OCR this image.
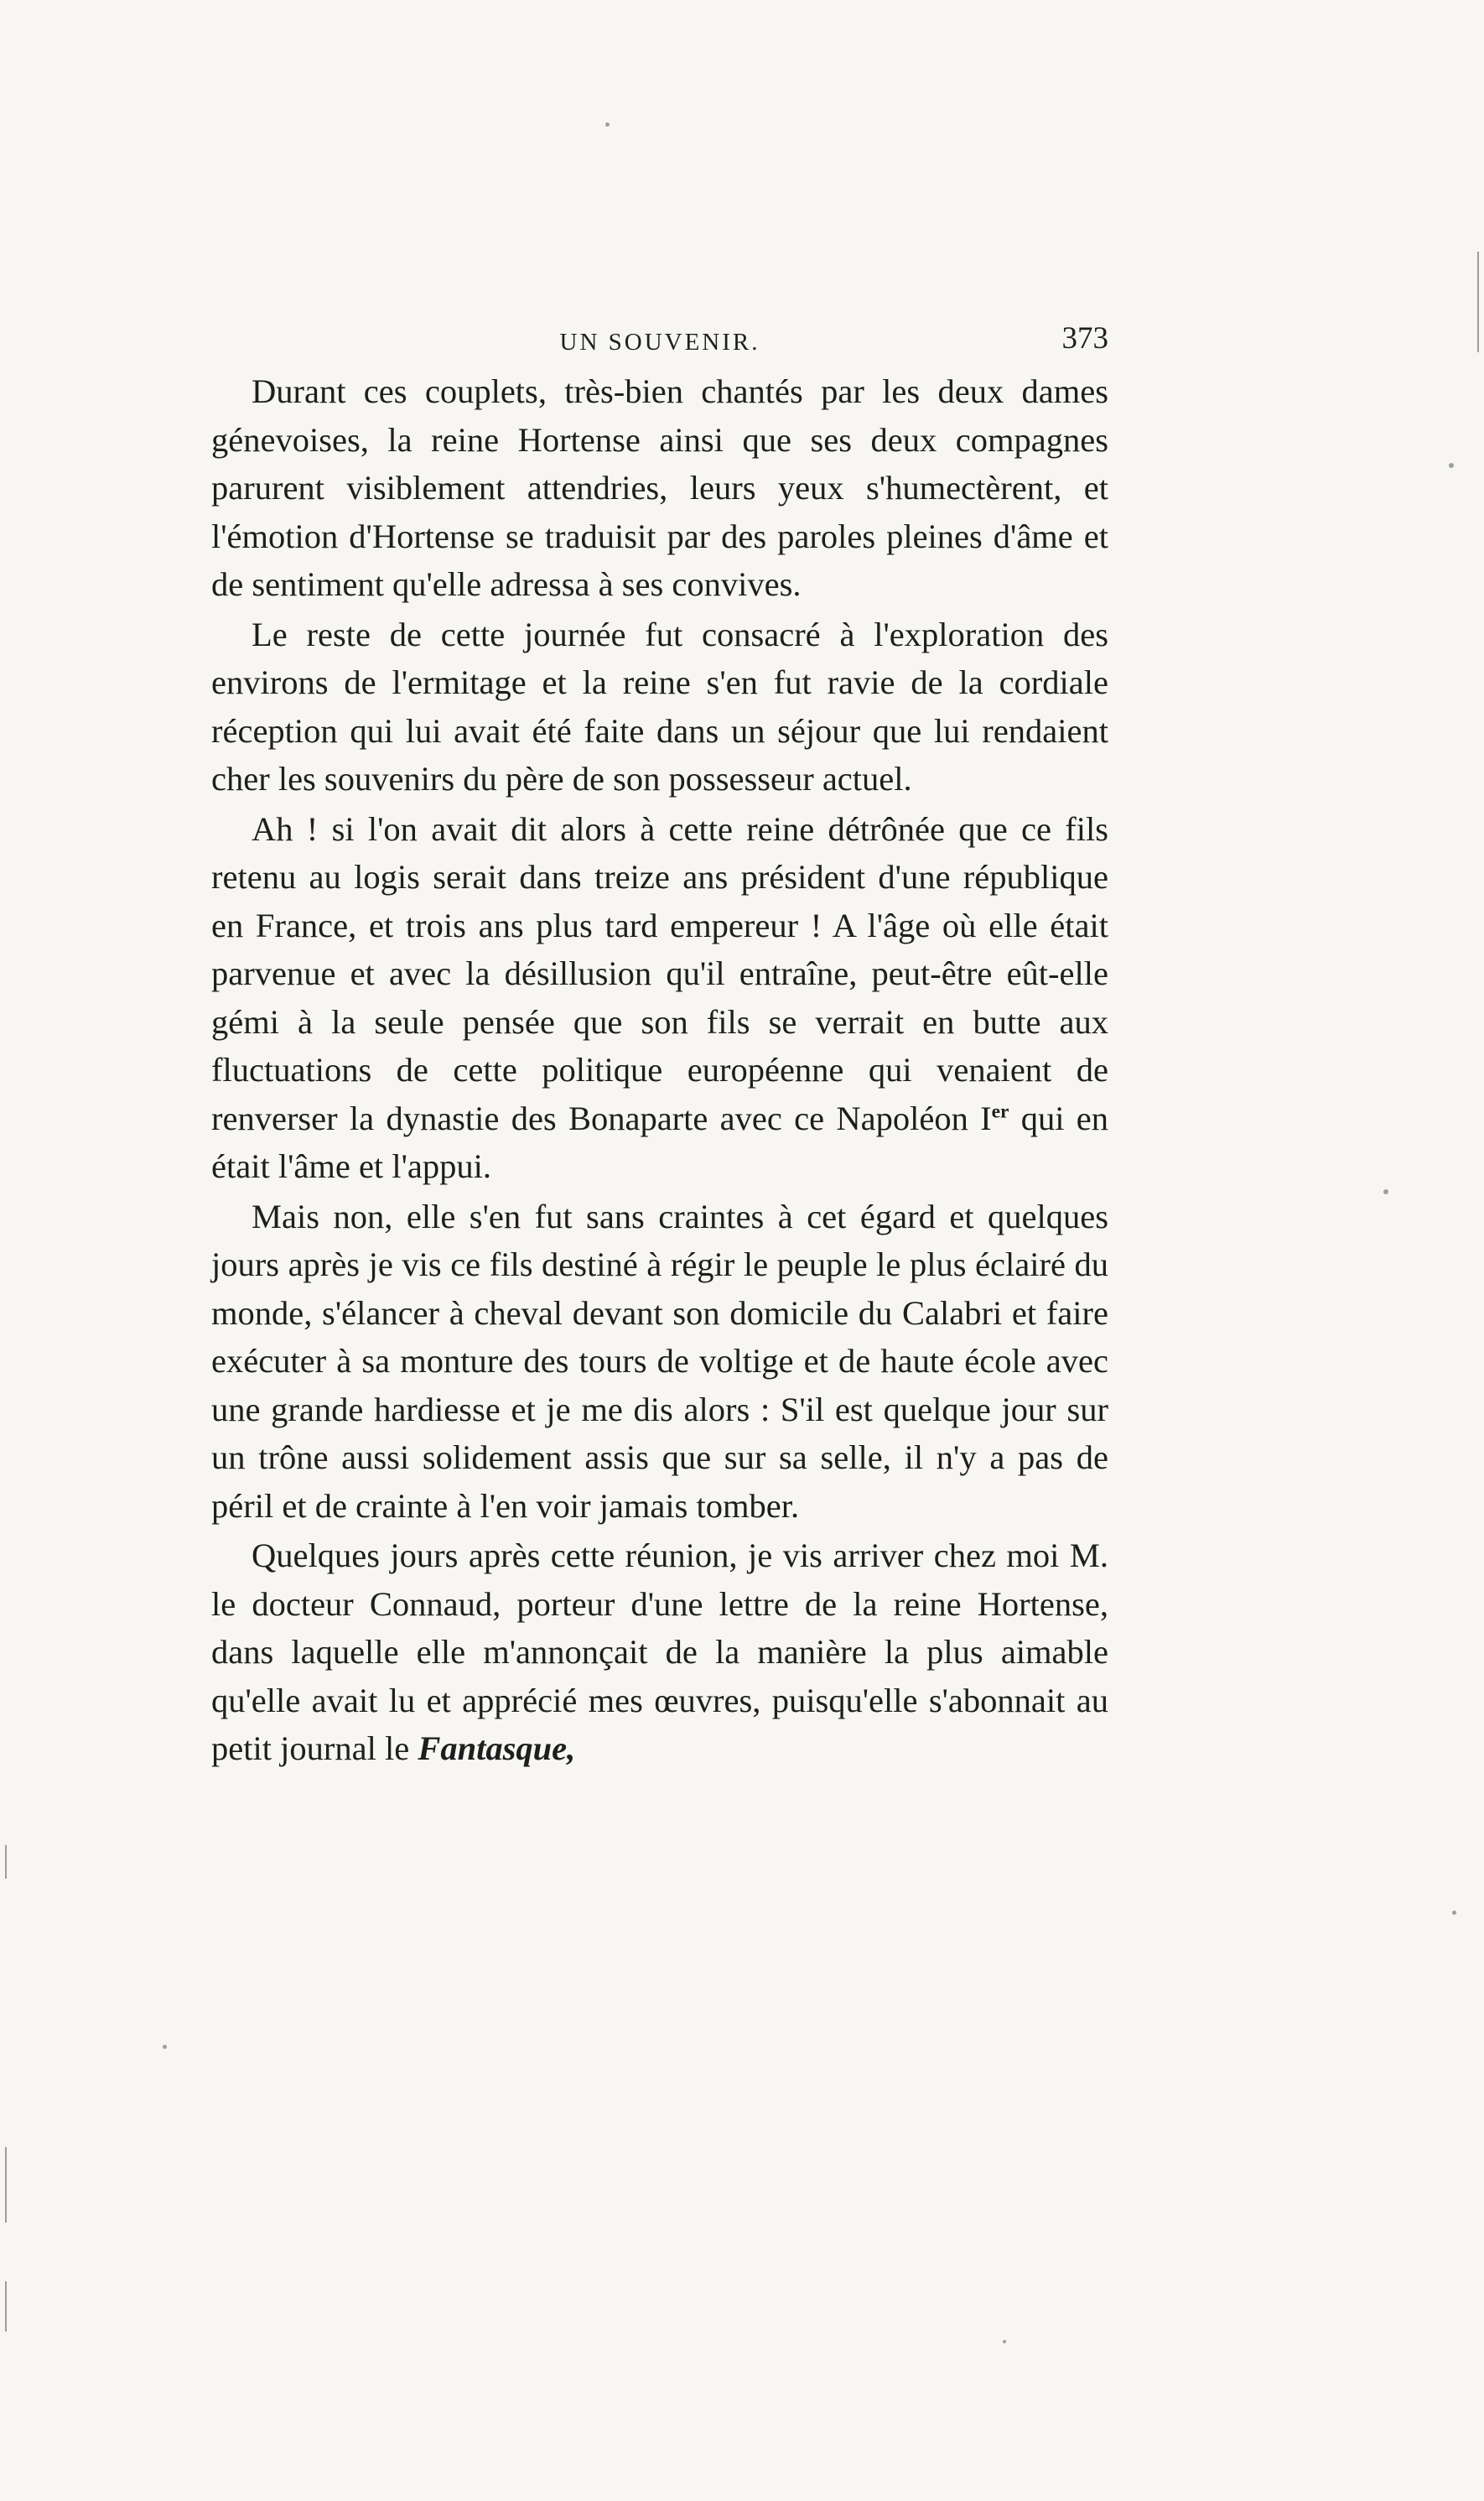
UN SOUVENIR.	373

Durant ces couplets, très-bien chantés par les deux dames génevoises, la reine Hortense ainsi que ses deux compagnes parurent visiblement attendries, leurs yeux s'humectèrent, et l'émotion d'Hortense se traduisit par des paroles pleines d'âme et de sentiment qu'elle adressa à ses convives.

Le reste de cette journée fut consacré à l'exploration des environs de l'ermitage et la reine s'en fut ravie de la cordiale réception qui lui avait été faite dans un séjour que lui rendaient cher les souvenirs du père de son possesseur actuel.

Ah ! si l'on avait dit alors à cette reine détrônée que ce fils retenu au logis serait dans treize ans président d'une république en France, et trois ans plus tard empereur ! A l'âge où elle était parvenue et avec la désillusion qu'il entraîne, peut-être eût-elle gémi à la seule pensée que son fils se verrait en butte aux fluctuations de cette politique européenne qui venaient de renverser la dynastie des Bonaparte avec ce Napoléon Ier qui en était l'âme et l'appui.

Mais non, elle s'en fut sans craintes à cet égard et quelques jours après je vis ce fils destiné à régir le peuple le plus éclairé du monde, s'élancer à cheval devant son domicile du Calabri et faire exécuter à sa monture des tours de voltige et de haute école avec une grande hardiesse et je me dis alors : S'il est quelque jour sur un trône aussi solidement assis que sur sa selle, il n'y a pas de péril et de crainte à l'en voir jamais tomber.

Quelques jours après cette réunion, je vis arriver chez moi M. le docteur Connaud, porteur d'une lettre de la reine Hortense, dans laquelle elle m'annonçait de la manière la plus aimable qu'elle avait lu et apprécié mes œuvres, puisqu'elle s'abonnait au petit journal le Fantasque,
